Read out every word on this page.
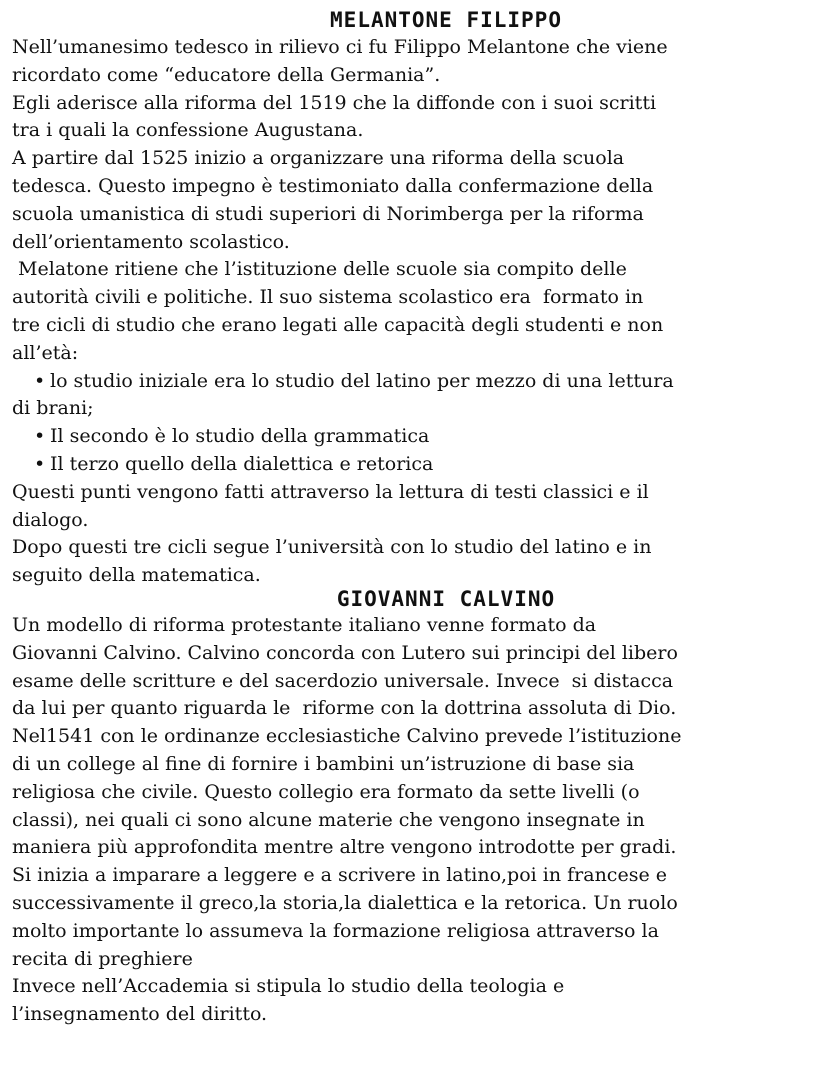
MELANTONE FILIPPO

Nell’umanesimo tedesco in rilievo ci fu Filippo Melantone che viene

ricordato come “educatore della Germania”.

Egli aderisce alla riforma del 1519 che la diffonde con i suoi scritti

tra i quali la confessione Augustana.

A partire dal 1525 inizio a organizzare una riforma della scuola

tedesca. Questo impegno è testimoniato dalla confermazione della

scuola umanistica di studi superiori di Norimberga per la riforma

dell’orientamento scolastico.

Melatone ritiene che l’istituzione delle scuole sia compito delle

autorità civili e politiche. Il suo sistema scolastico era  formato in

tre cicli di studio che erano legati alle capacità degli studenti e non

all’età:

• lo studio iniziale era lo studio del latino per mezzo di una lettura

di brani;

• Il secondo è lo studio della grammatica

• Il terzo quello della dialettica e retorica

Questi punti vengono fatti attraverso la lettura di testi classici e il

dialogo.

Dopo questi tre cicli segue l’università con lo studio del latino e in

seguito della matematica.

GIOVANNI CALVINO

Un modello di riforma protestante italiano venne formato da

Giovanni Calvino. Calvino concorda con Lutero sui principi del libero

esame delle scritture e del sacerdozio universale. Invece  si distacca

da lui per quanto riguarda le  riforme con la dottrina assoluta di Dio.

Nel1541 con le ordinanze ecclesiastiche Calvino prevede l’istituzione

di un college al fine di fornire i bambini un’istruzione di base sia

religiosa che civile. Questo collegio era formato da sette livelli (o

classi), nei quali ci sono alcune materie che vengono insegnate in

maniera più approfondita mentre altre vengono introdotte per gradi.

Si inizia a imparare a leggere e a scrivere in latino,poi in francese e

successivamente il greco,la storia,la dialettica e la retorica. Un ruolo

molto importante lo assumeva la formazione religiosa attraverso la

recita di preghiere

Invece nell’Accademia si stipula lo studio della teologia e

l’insegnamento del diritto.
